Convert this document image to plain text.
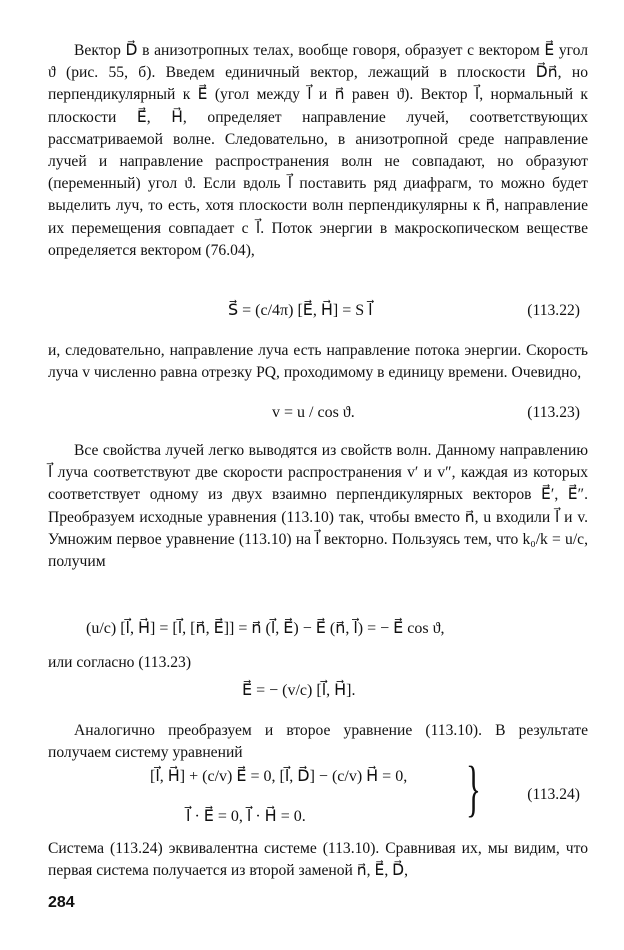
Вектор D⃗ в анизотропных телах, вообще говоря, образует с вектором E⃗ угол ϑ (рис. 55, б). Введем единичный вектор, лежащий в плоскости D⃗n⃗, но перпендикулярный к E⃗ (угол между l⃗ и n⃗ равен ϑ). Вектор l⃗, нормальный к плоскости E⃗, H⃗, определяет направление лучей, соответствующих рассматриваемой волне. Следовательно, в анизотропной среде направление лучей и направление распространения волн не совпадают, но образуют (переменный) угол ϑ. Если вдоль l⃗ поставить ряд диафрагм, то можно будет выделить луч, то есть, хотя плоскости волн перпендикулярны к n⃗, направление их перемещения совпадает с l⃗. Поток энергии в макроскопическом веществе определяется вектором (76.04),

S⃗ = (c/4π) [E⃗, H⃗] = S l⃗	(113.22)

и, следовательно, направление луча есть направление потока энергии. Скорость луча v численно равна отрезку PQ, проходимому в единицу времени. Очевидно,

v = u / cos ϑ.	(113.23)

Все свойства лучей легко выводятся из свойств волн. Данному направлению l⃗ луча соответствуют две скорости распространения v′ и v″, каждая из которых соответствует одному из двух взаимно перпендикулярных векторов E⃗′, E⃗″. Преобразуем исходные уравнения (113.10) так, чтобы вместо n⃗, u входили l⃗ и v. Умножим первое уравнение (113.10) на l⃗ векторно. Пользуясь тем, что k₀/k = u/c, получим

(u/c) [l⃗, H⃗] = [l⃗, [n⃗, E⃗]] = n⃗ (l⃗, E⃗) − E⃗ (n⃗, l⃗) = − E⃗ cos ϑ,

или согласно (113.23)

E⃗ = − (v/c) [l⃗, H⃗].

Аналогично преобразуем и второе уравнение (113.10). В результате получаем систему уравнений

[l⃗, H⃗] + (c/v) E⃗ = 0, [l⃗, D⃗] − (c/v) H⃗ = 0,
l⃗ · E⃗ = 0, l⃗ · H⃗ = 0.	}	(113.24)

Система (113.24) эквивалентна системе (113.10). Сравнивая их, мы видим, что первая система получается из второй заменой n⃗, E⃗, D⃗,

284
